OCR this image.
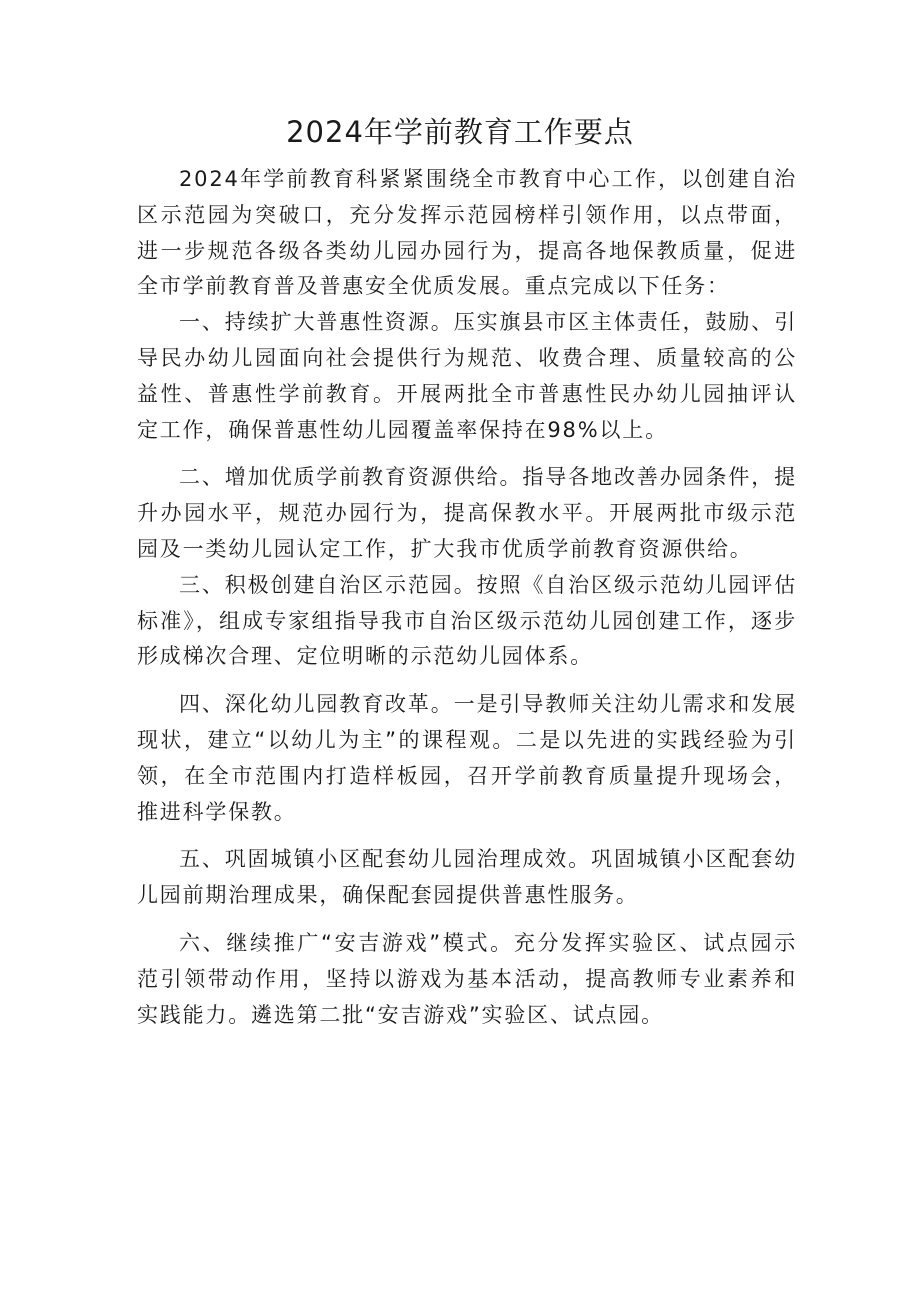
2024年学前教育工作要点

2024年学前教育科紧紧围绕全市教育中心工作，以创建自治区示范园为突破口，充分发挥示范园榜样引领作用，以点带面，进一步规范各级各类幼儿园办园行为，提高各地保教质量，促进全市学前教育普及普惠安全优质发展。重点完成以下任务：

一、持续扩大普惠性资源。压实旗县市区主体责任，鼓励、引导民办幼儿园面向社会提供行为规范、收费合理、质量较高的公益性、普惠性学前教育。开展两批全市普惠性民办幼儿园抽评认定工作，确保普惠性幼儿园覆盖率保持在98%以上。

二、增加优质学前教育资源供给。指导各地改善办园条件，提升办园水平，规范办园行为，提高保教水平。开展两批市级示范园及一类幼儿园认定工作，扩大我市优质学前教育资源供给。

三、积极创建自治区示范园。按照《自治区级示范幼儿园评估标准》，组成专家组指导我市自治区级示范幼儿园创建工作，逐步形成梯次合理、定位明晰的示范幼儿园体系。

四、深化幼儿园教育改革。一是引导教师关注幼儿需求和发展现状，建立“以幼儿为主”的课程观。二是以先进的实践经验为引领，在全市范围内打造样板园，召开学前教育质量提升现场会，推进科学保教。

五、巩固城镇小区配套幼儿园治理成效。巩固城镇小区配套幼儿园前期治理成果，确保配套园提供普惠性服务。

六、继续推广“安吉游戏”模式。充分发挥实验区、试点园示范引领带动作用，坚持以游戏为基本活动，提高教师专业素养和实践能力。遴选第二批“安吉游戏”实验区、试点园。
